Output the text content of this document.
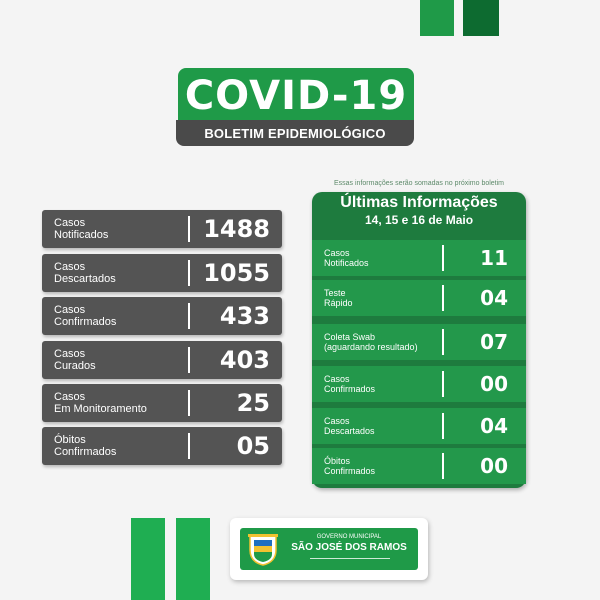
COVID-19
BOLETIM EPIDEMIOLÓGICO
Casos
Notificados	1488
Casos
Descartados	1055
Casos
Confirmados	433
Casos
Curados	403
Casos
Em Monitoramento	25
Óbitos
Confirmados	05
Essas informações serão somadas no próximo boletim
Últimas Informações
14, 15 e 16 de Maio
Casos
Notificados	11
Teste
Rápido	04
Coleta Swab
(aguardando resultado)	07
Casos
Confirmados	00
Casos
Descartados	04
Óbitos
Confirmados	00
GOVERNO MUNICIPAL
SÃO JOSÉ DOS RAMOS
